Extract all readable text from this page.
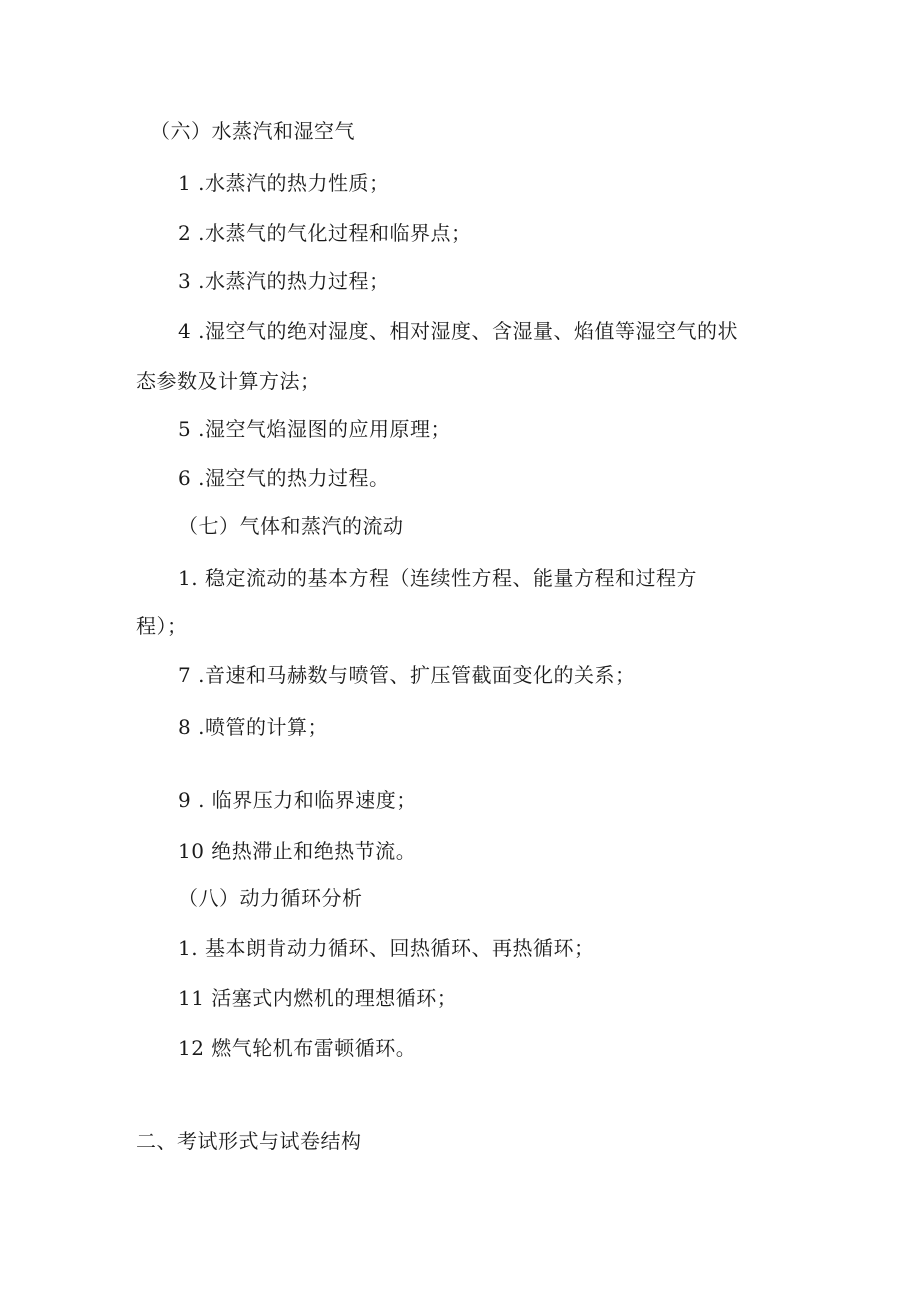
（六）水蒸汽和湿空气
1 .水蒸汽的热力性质；
2 .水蒸气的气化过程和临界点；
3 .水蒸汽的热力过程；
4 .湿空气的绝对湿度、相对湿度、含湿量、焰值等湿空气的状
态参数及计算方法；
5 .湿空气焰湿图的应用原理；
6 .湿空气的热力过程。
（七）气体和蒸汽的流动
1. 稳定流动的基本方程（连续性方程、能量方程和过程方
程）；
7 .音速和马赫数与喷管、扩压管截面变化的关系；
8 .喷管的计算；
9 . 临界压力和临界速度；
10 绝热滞止和绝热节流。
（八）动力循环分析
1. 基本朗肯动力循环、回热循环、再热循环；
11 活塞式内燃机的理想循环；
12 燃气轮机布雷顿循环。
二、考试形式与试卷结构
